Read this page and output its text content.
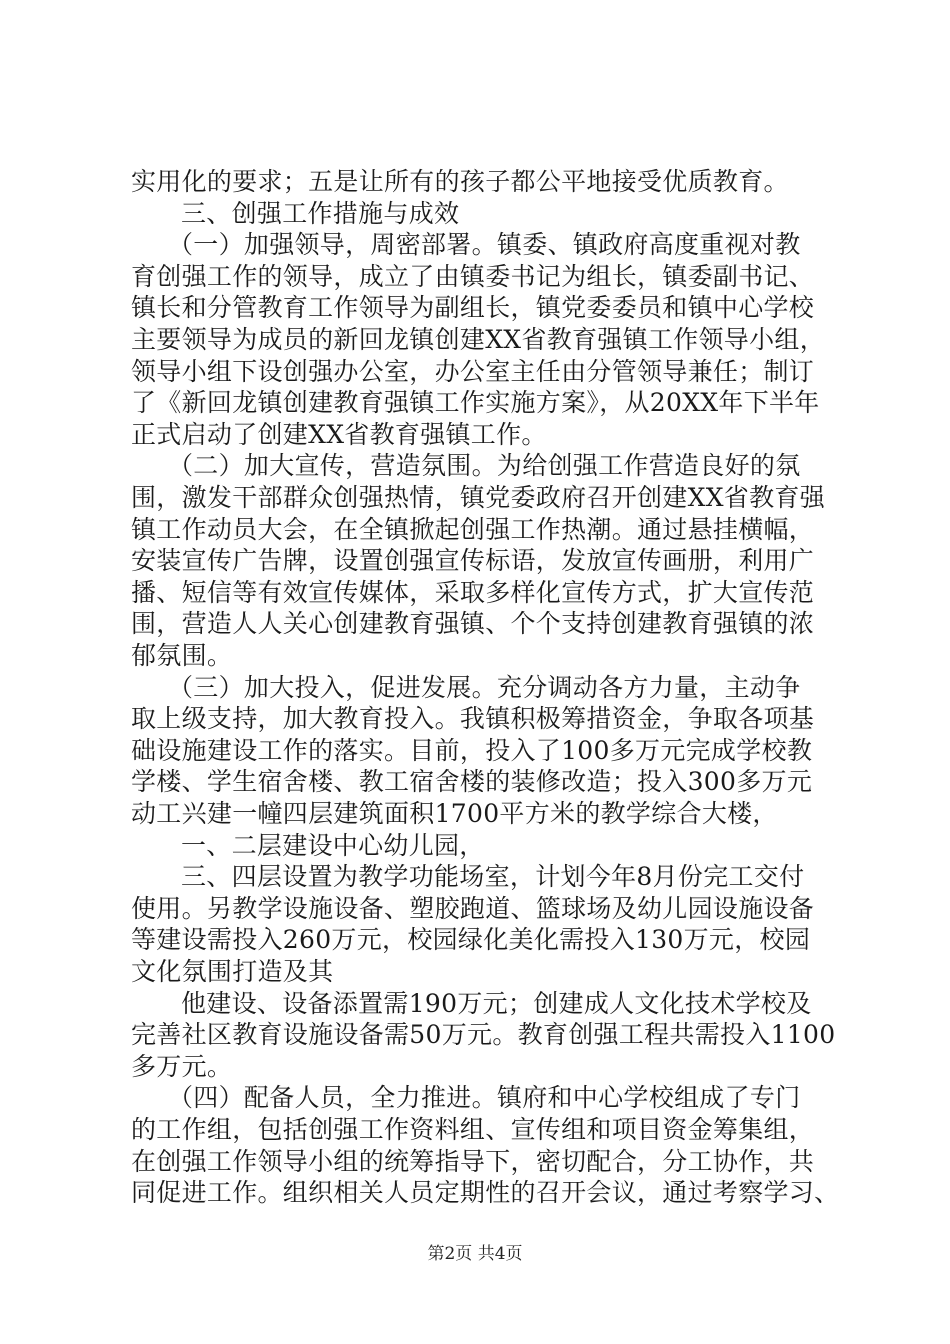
实用化的要求；五是让所有的孩子都公平地接受优质教育。
三、创强工作措施与成效
（一）加强领导，周密部署。镇委、镇政府高度重视对教
育创强工作的领导，成立了由镇委书记为组长，镇委副书记、
镇长和分管教育工作领导为副组长，镇党委委员和镇中心学校
主要领导为成员的新回龙镇创建XX省教育强镇工作领导小组，
领导小组下设创强办公室，办公室主任由分管领导兼任；制订
了《新回龙镇创建教育强镇工作实施方案》，从20XX年下半年
正式启动了创建XX省教育强镇工作。
（二）加大宣传，营造氛围。为给创强工作营造良好的氛
围，激发干部群众创强热情，镇党委政府召开创建XX省教育强
镇工作动员大会，在全镇掀起创强工作热潮。通过悬挂横幅，
安装宣传广告牌，设置创强宣传标语，发放宣传画册，利用广
播、短信等有效宣传媒体，采取多样化宣传方式，扩大宣传范
围，营造人人关心创建教育强镇、个个支持创建教育强镇的浓
郁氛围。
（三）加大投入，促进发展。充分调动各方力量，主动争
取上级支持，加大教育投入。我镇积极筹措资金，争取各项基
础设施建设工作的落实。目前，投入了100多万元完成学校教
学楼、学生宿舍楼、教工宿舍楼的装修改造；投入300多万元
动工兴建一幢四层建筑面积1700平方米的教学综合大楼，
一、二层建设中心幼儿园，
三、四层设置为教学功能场室，计划今年8月份完工交付
使用。另教学设施设备、塑胶跑道、篮球场及幼儿园设施设备
等建设需投入260万元，校园绿化美化需投入130万元，校园
文化氛围打造及其
他建设、设备添置需190万元；创建成人文化技术学校及
完善社区教育设施设备需50万元。教育创强工程共需投入1100
多万元。
（四）配备人员，全力推进。镇府和中心学校组成了专门
的工作组，包括创强工作资料组、宣传组和项目资金筹集组，
在创强工作领导小组的统筹指导下，密切配合，分工协作，共
同促进工作。组织相关人员定期性的召开会议，通过考察学习、
第2页 共4页
